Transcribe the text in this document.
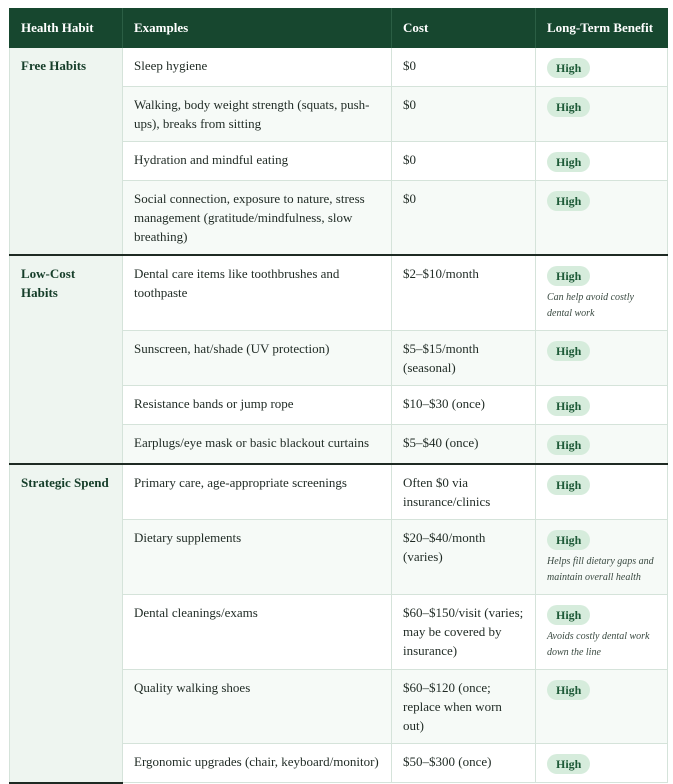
Health Habit	Examples	Cost	Long-Term Benefit
Free Habits	Sleep hygiene	$0	High
	Walking, body weight strength (squats, push-ups), breaks from sitting	$0	High
	Hydration and mindful eating	$0	High
	Social connection, exposure to nature, stress management (gratitude/mindfulness, slow breathing)	$0	High
Low-Cost Habits	Dental care items like toothbrushes and toothpaste	$2–$10/month	High
Can help avoid costly dental work

	Sunscreen, hat/shade (UV protection)	$5–$15/month (seasonal)	High
	Resistance bands or jump rope	$10–$30 (once)	High
	Earplugs/eye mask or basic blackout curtains	$5–$40 (once)	High
Strategic Spend	Primary care, age-appropriate screenings	Often $0 via insurance/clinics	High
	Dietary supplements	$20–$40/month (varies)	High
Helps fill dietary gaps and maintain overall health

	Dental cleanings/exams	$60–$150/visit (varies; may be covered by insurance)	High
Avoids costly dental work down the line

	Quality walking shoes	$60–$120 (once; replace when worn out)	High
	Ergonomic upgrades (chair, keyboard/monitor)	$50–$300 (once)	High
